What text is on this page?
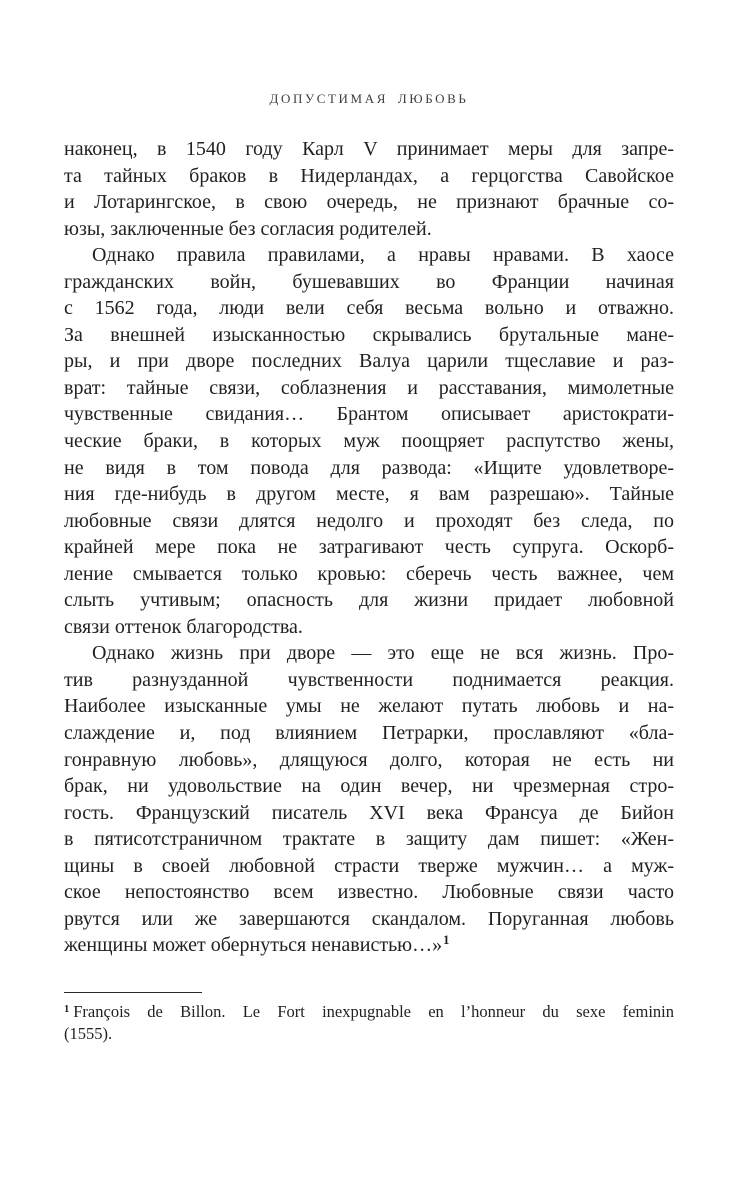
ДОПУСТИМАЯ ЛЮБОВЬ

наконец, в 1540 году Карл V принимает меры для запре-
та тайных браков в Нидерландах, а герцогства Савойское
и Лотарингское, в свою очередь, не признают брачные со-
юзы, заключенные без согласия родителей.

Однако правила правилами, а нравы нравами. В хаосе
гражданских войн, бушевавших во Франции начиная
с 1562 года, люди вели себя весьма вольно и отважно.
За внешней изысканностью скрывались брутальные мане-
ры, и при дворе последних Валуа царили тщеславие и раз-
врат: тайные связи, соблазнения и расставания, мимолетные
чувственные свидания… Брантом описывает аристократи-
ческие браки, в которых муж поощряет распутство жены,
не видя в том повода для развода: «Ищите удовлетворе-
ния где-нибудь в другом месте, я вам разрешаю». Тайные
любовные связи длятся недолго и проходят без следа, по
крайней мере пока не затрагивают честь супруга. Оскорб-
ление смывается только кровью: сберечь честь важнее, чем
слыть учтивым; опасность для жизни придает любовной
связи оттенок благородства.

Однако жизнь при дворе — это еще не вся жизнь. Про-
тив разнузданной чувственности поднимается реакция.
Наиболее изысканные умы не желают путать любовь и на-
слаждение и, под влиянием Петрарки, прославляют «бла-
гонравную любовь», длящуюся долго, которая не есть ни
брак, ни удовольствие на один вечер, ни чрезмерная стро-
гость. Французский писатель XVI века Франсуа де Бийон
в пятисотстраничном трактате в защиту дам пишет: «Жен-
щины в своей любовной страсти тверже мужчин… а муж-
ское непостоянство всем известно. Любовные связи часто
рвутся или же завершаются скандалом. Поруганная любовь
женщины может обернуться ненавистью…»$^1$

$^1$ François de Billon. Le Fort inexpugnable en l’honneur du sexe feminin
(1555).
